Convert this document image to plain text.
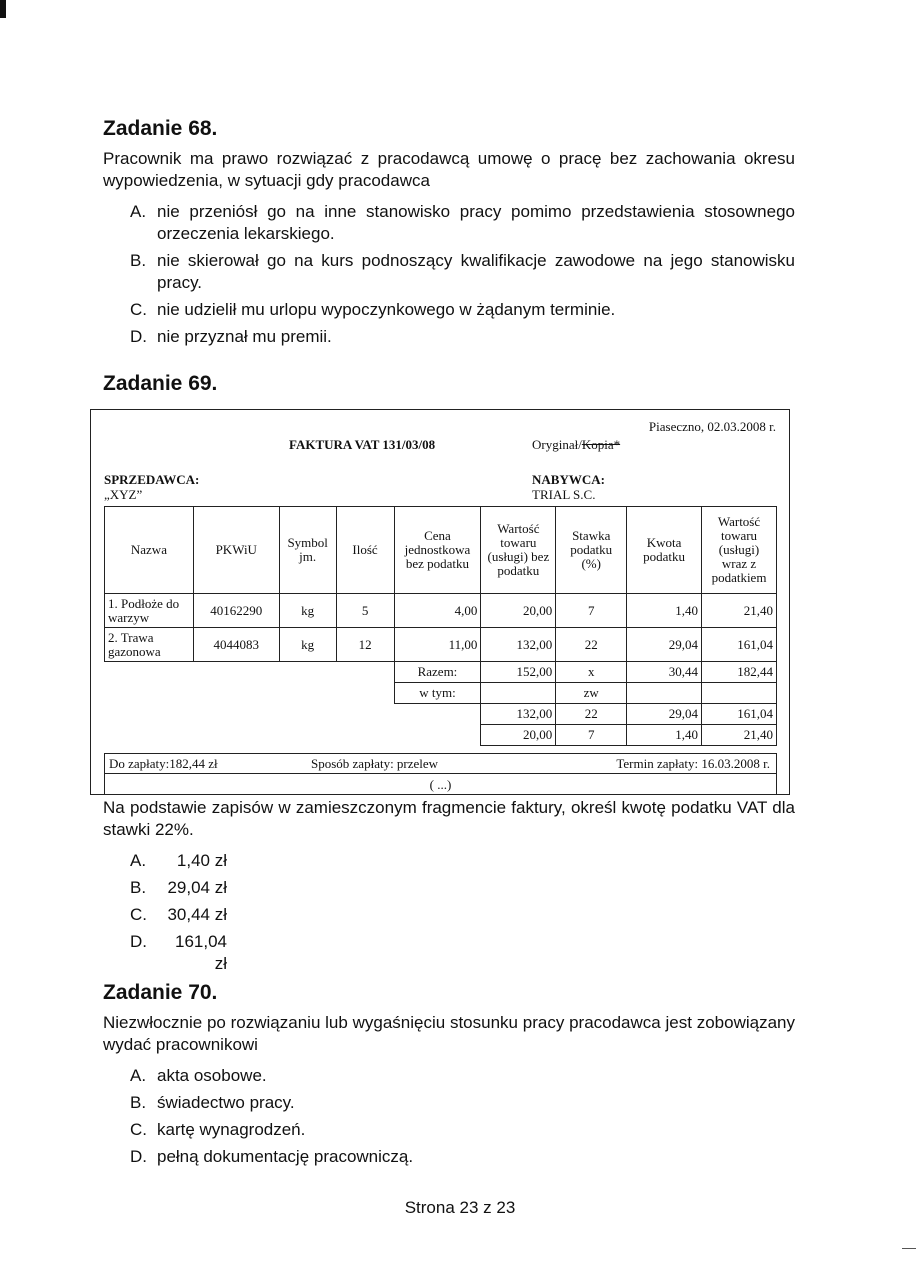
Zadanie 68.
Pracownik ma prawo rozwiązać z pracodawcą umowę o pracę bez zachowania okresu wypowiedzenia, w sytuacji gdy pracodawca
A. nie przeniósł go na inne stanowisko pracy pomimo przedstawienia stosownego orzeczenia lekarskiego.
B. nie skierował go na kurs podnoszący kwalifikacje zawodowe na jego stanowisku pracy.
C. nie udzielił mu urlopu wypoczynkowego w żądanym terminie.
D. nie przyznał mu premii.
Zadanie 69.
Piaseczno, 02.03.2008 r.
FAKTURA VAT 131/03/08	Oryginał/Kopia*
SPRZEDAWCA:
„XYZ”
NABYWCA:
TRIAL S.C.
Nazwa	PKWiU	Symbol jm.	Ilość	Cena jednostkowa bez podatku	Wartość towaru (usługi) bez podatku	Stawka podatku (%)	Kwota podatku	Wartość towaru (usługi) wraz z podatkiem
1. Podłoże do warzyw	40162290	kg	5	4,00	20,00	7	1,40	21,40
2. Trawa gazonowa	4044083	kg	12	11,00	132,00	22	29,04	161,04
				Razem:	152,00	x	30,44	182,44
				w tym:		zw		
					132,00	22	29,04	161,04
					20,00	7	1,40	21,40
Do zapłaty:182,44 zł	Sposób zapłaty: przelew	Termin zapłaty: 16.03.2008 r.
( ...)
Na podstawie zapisów w zamieszczonym fragmencie faktury, określ kwotę podatku VAT dla stawki 22%.
A.	1,40 zł
B.	29,04 zł
C.	30,44 zł
D.	161,04 zł
Zadanie 70.
Niezwłocznie po rozwiązaniu lub wygaśnięciu stosunku pracy pracodawca jest zobowiązany wydać pracownikowi
A. akta osobowe.
B. świadectwo pracy.
C. kartę wynagrodzeń.
D. pełną dokumentację pracowniczą.
Strona 23 z 23
